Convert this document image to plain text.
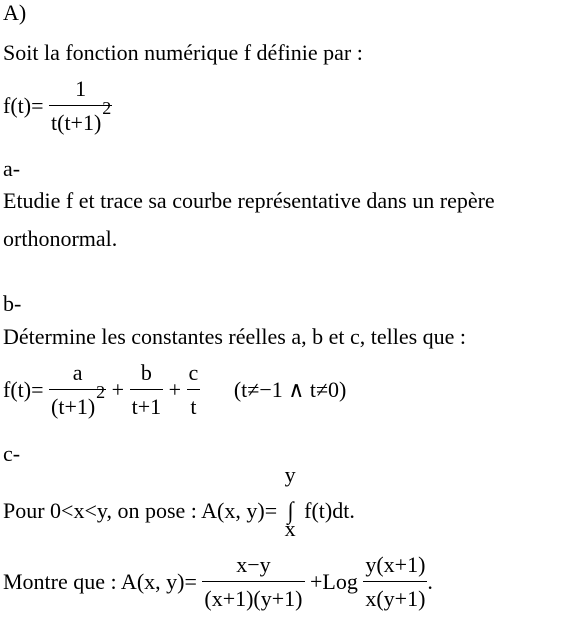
A)
Soit la fonction numérique f définie par :
$f(t)= \frac{1}{t(t+1)^2}$
a-
Etudie f et trace sa courbe représentative dans un repère
orthonormal.
b-
Détermine les constantes réelles a, b et c, telles que :
$f(t)= \frac{a}{(t+1)^2} + \frac{b}{t+1} + \frac{c}{t} (t\ne-1$ ∧ t≠0)
c-
Pour 0<x<y, on pose : A(x, y)=
y
∫
x
f(t)dt.
Montre que : A(x, $y)= \frac{x-y}{(x+1)(y+1)} +Log \frac{y(x+1)}{x(y+1)}$ .
